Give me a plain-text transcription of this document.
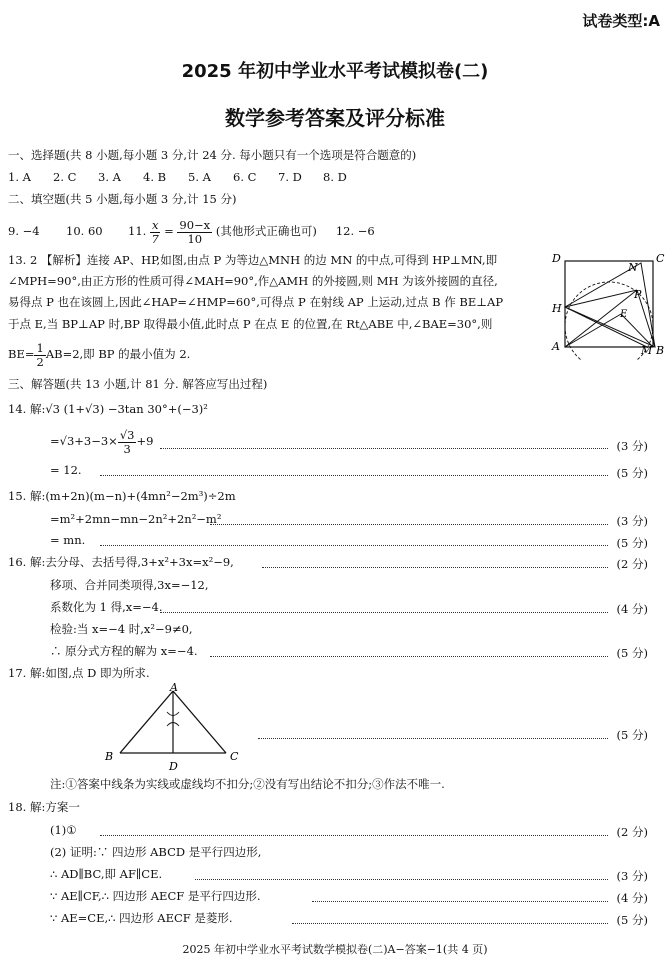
试卷类型:A
2025 年初中学业水平考试模拟卷(二)
数学参考答案及评分标准
一、选择题(共 8 小题,每小题 3 分,计 24 分. 每小题只有一个选项是符合题意的)
1. A 2. C 3. A 4. B 5. A 6. C 7. D 8. D
二、填空题(共 5 小题,每小题 3 分,计 15 分)
9. −4 10. 60 11. $\frac{x}{7} = \frac{90-x}{10}$ (其他形式正确也可) 12. −6
13. 2 【解析】连接 AP、HP,如图,由点 P 为等边△MNH 的边 MN 的中点,可得到 HP⊥MN,即
∠MPH=90°,由正方形的性质可得∠MAH=90°,作△AMH 的外接圆,则 MH 为该外接圆的直径,
易得点 P 也在该圆上,因此∠HAP=∠HMP=60°,可得点 P 在射线 AP 上运动,过点 B 作 BE⊥AP
于点 E,当 BP⊥AP 时,BP 取得最小值,此时点 P 在点 E 的位置,在 Rt△ABE 中,∠BAE=30°,则
$BE= \frac{1}{2} AB=2$,即 BP 的最小值为 2.
D	C
N
P
H	E
A	M B
三、解答题(共 13 小题,计 81 分. 解答应写出过程)
14. 解:√3 (1+√3) −3tan 30°+(−3)²
$=√3+3-3\times \frac{√3}{3} +9$	(3 分)
= 12.	(5 分)
15. 解:(m+2n)(m−n)+(4mn²−2m³)÷2m
=m²+2mn−mn−2n²+2n²−m²	(3 分)
= mn.	(5 分)
16. 解:去分母、去括号得,3+x²+3x=x²−9,	(2 分)
移项、合并同类项得,3x=−12,
系数化为 1 得,x=−4.	(4 分)
检验:当 x=−4 时,x²−9≠0,
∴ 原分式方程的解为 x=−4.	(5 分)
17. 解:如图,点 D 即为所求.
A
B	C
D
(5 分)
注:①答案中线条为实线或虚线均不扣分;②没有写出结论不扣分;③作法不唯一.
18. 解:方案一
(1)①	(2 分)
(2) 证明:∵ 四边形 ABCD 是平行四边形,
∴ AD∥BC,即 AF∥CE.	(3 分)
∵ AE∥CF,∴ 四边形 AECF 是平行四边形.	(4 分)
∵ AE=CE,∴ 四边形 AECF 是菱形.	(5 分)
2025 年初中学业水平考试数学模拟卷(二)A−答案−1(共 4 页)
